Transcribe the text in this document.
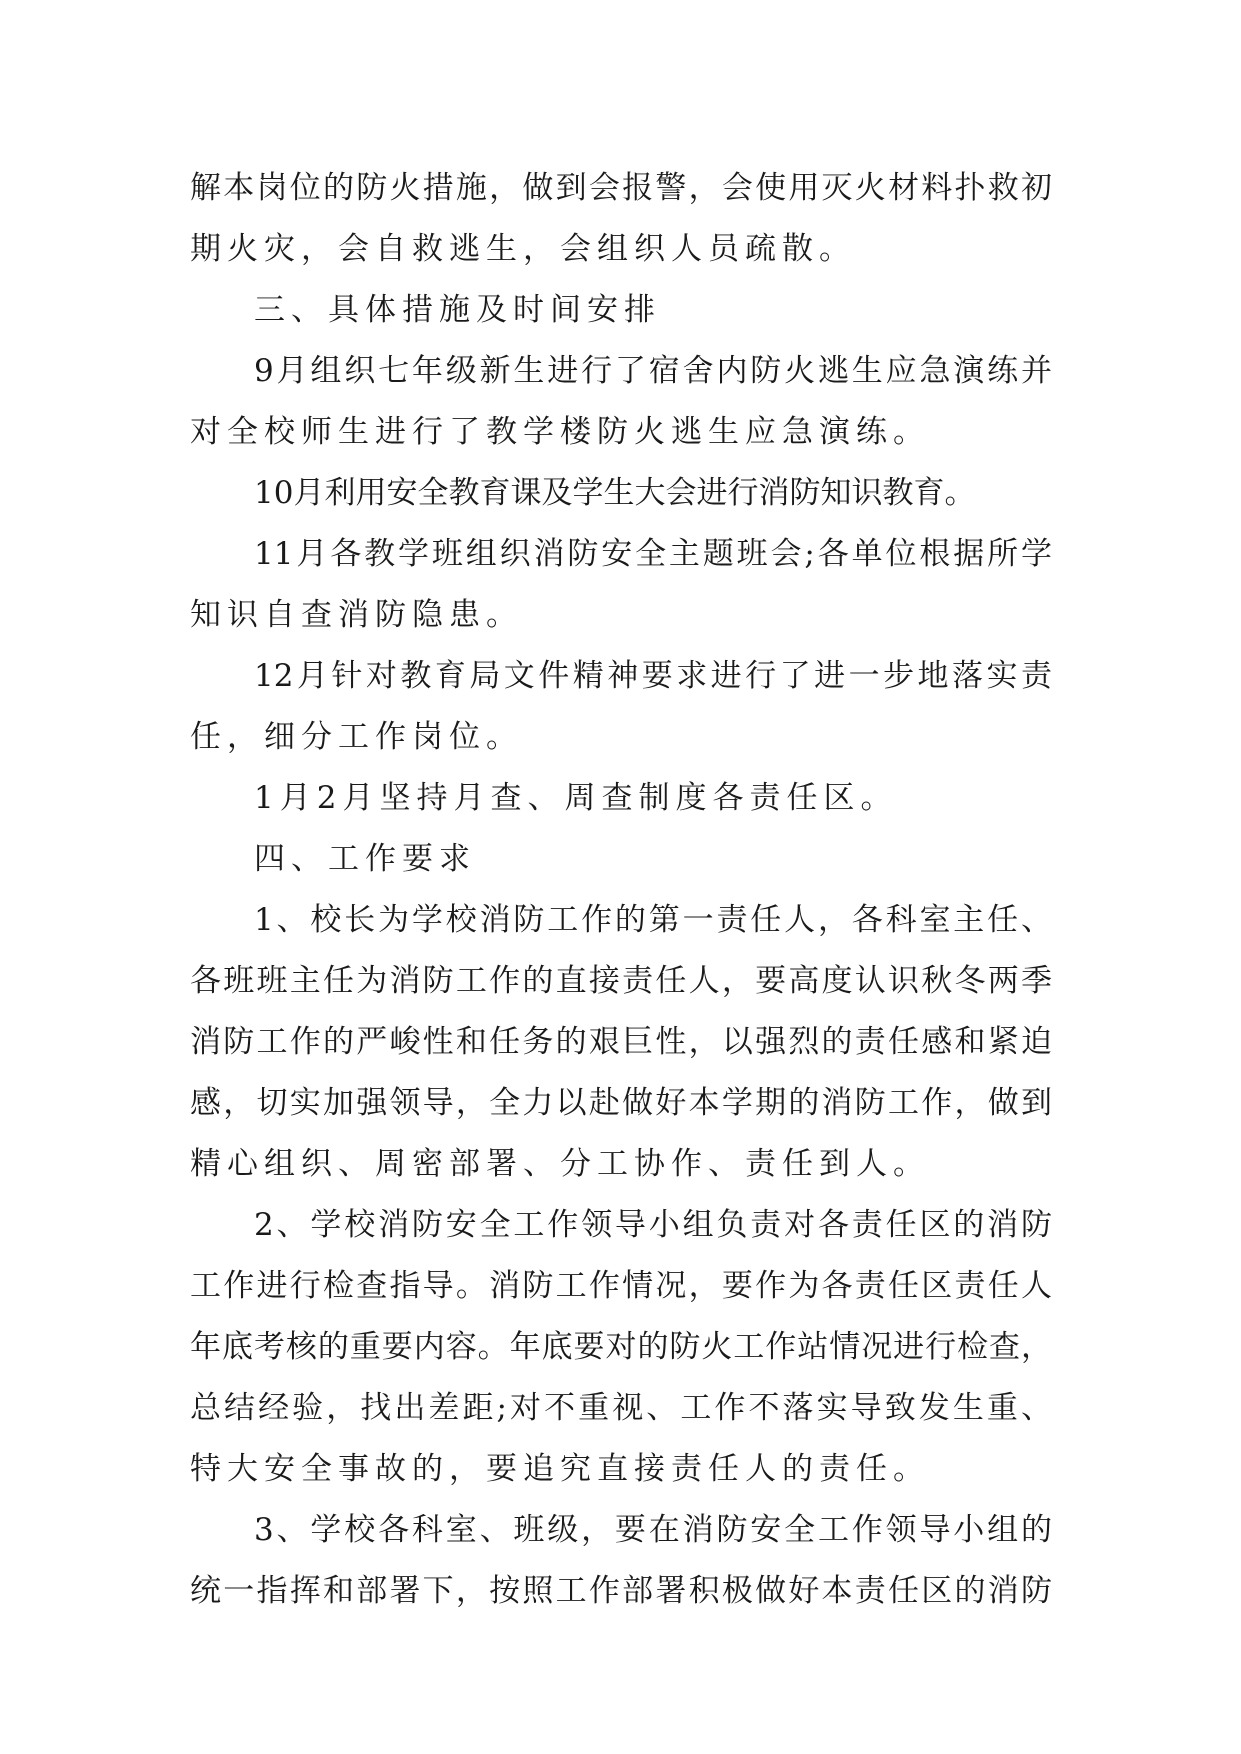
解本岗位的防火措施，做到会报警，会使用灭火材料扑救初
期火灾，会自救逃生，会组织人员疏散。
三、具体措施及时间安排
9月组织七年级新生进行了宿舍内防火逃生应急演练并
对全校师生进行了教学楼防火逃生应急演练。
10月利用安全教育课及学生大会进行消防知识教育。
11月各教学班组织消防安全主题班会;各单位根据所学
知识自查消防隐患。
12月针对教育局文件精神要求进行了进一步地落实责
任，细分工作岗位。
1月2月坚持月查、周查制度各责任区。
四、工作要求
1、校长为学校消防工作的第一责任人，各科室主任、
各班班主任为消防工作的直接责任人，要高度认识秋冬两季
消防工作的严峻性和任务的艰巨性，以强烈的责任感和紧迫
感，切实加强领导，全力以赴做好本学期的消防工作，做到
精心组织、周密部署、分工协作、责任到人。
2、学校消防安全工作领导小组负责对各责任区的消防
工作进行检查指导。消防工作情况，要作为各责任区责任人
年底考核的重要内容。年底要对的防火工作站情况进行检查，
总结经验，找出差距;对不重视、工作不落实导致发生重、
特大安全事故的，要追究直接责任人的责任。
3、学校各科室、班级，要在消防安全工作领导小组的
统一指挥和部署下，按照工作部署积极做好本责任区的消防
